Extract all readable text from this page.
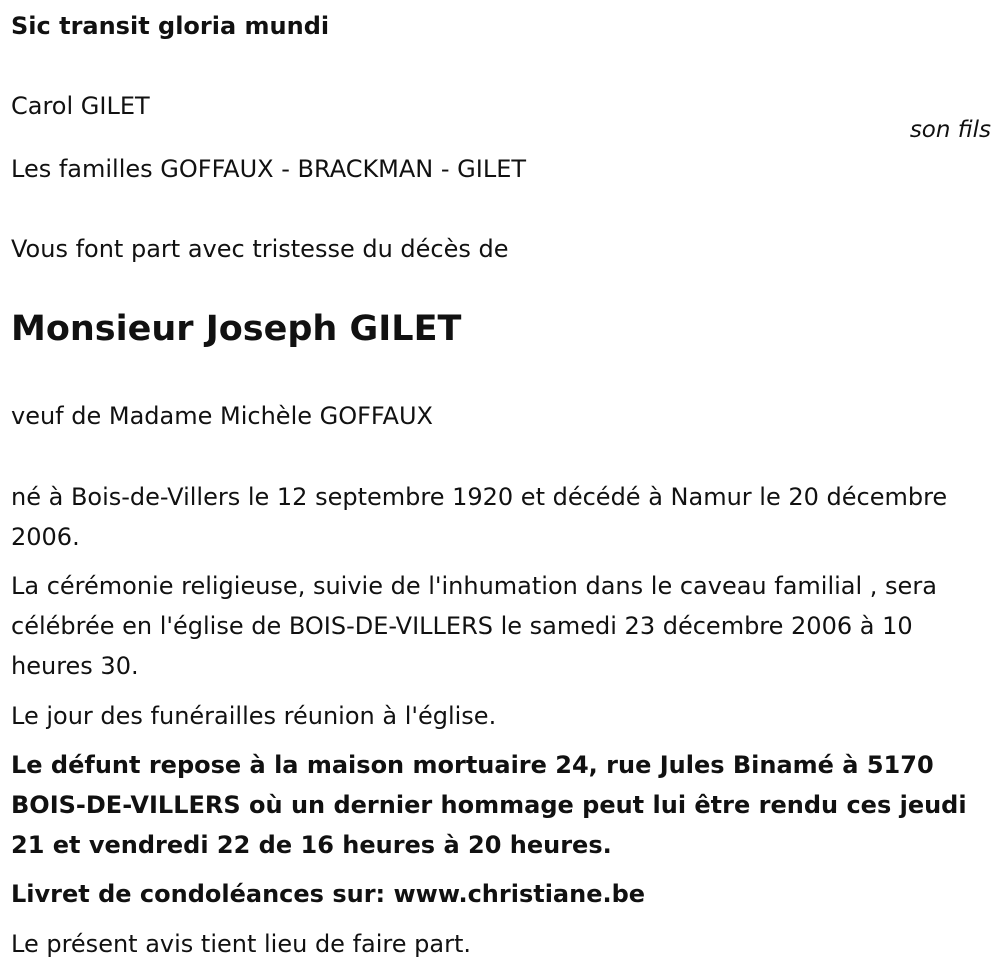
Sic transit gloria mundi
Carol GILET
son fils
Les familles GOFFAUX - BRACKMAN - GILET
Vous font part avec tristesse du décès de
Monsieur Joseph GILET
veuf de Madame Michèle GOFFAUX
né à Bois-de-Villers le 12 septembre 1920 et décédé à Namur le 20 décembre 2006.
La cérémonie religieuse, suivie de l'inhumation dans le caveau familial , sera célébrée en l'église de BOIS-DE-VILLERS le samedi 23 décembre 2006 à 10 heures 30.
Le jour des funérailles réunion à l'église.
Le défunt repose à la maison mortuaire 24, rue Jules Binamé à 5170 BOIS-DE-VILLERS où un dernier hommage peut lui être rendu ces jeudi 21 et vendredi 22 de 16 heures à 20 heures.
Livret de condoléances sur: www.christiane.be
Le présent avis tient lieu de faire part.
